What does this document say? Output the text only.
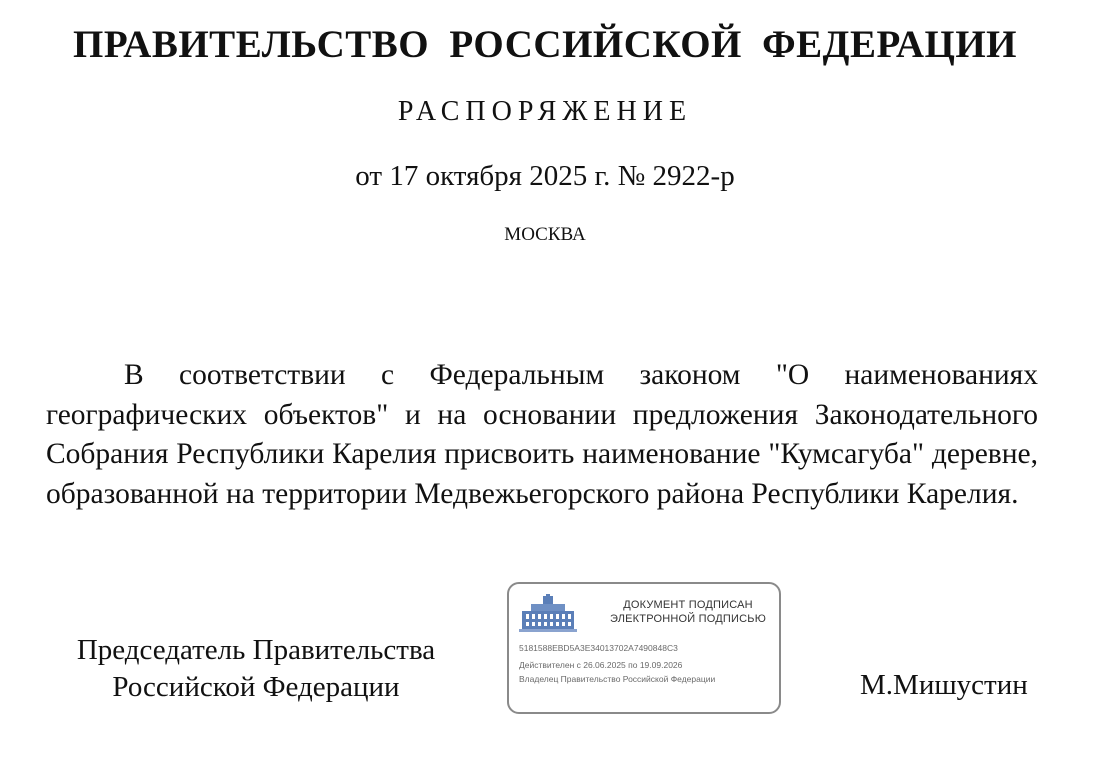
ПРАВИТЕЛЬСТВО РОССИЙСКОЙ ФЕДЕРАЦИИ
РАСПОРЯЖЕНИЕ
от 17 октября 2025 г. № 2922-р
МОСКВА

В соответствии с Федеральным законом "О наименованиях географических объектов" и на основании предложения Законодательного Собрания Республики Карелия присвоить наименование "Кумсагуба" деревне, образованной на территории Медвежьегорского района Республики Карелия.

Председатель Правительства
Российской Федерации
ДОКУМЕНТ ПОДПИСАН
ЭЛЕКТРОННОЙ ПОДПИСЬЮ
5181588EBD5A3E34013702A7490848C3
Действителен с 26.06.2025 по 19.09.2026
Владелец Правительство Российской Федерации	М.Мишустин
